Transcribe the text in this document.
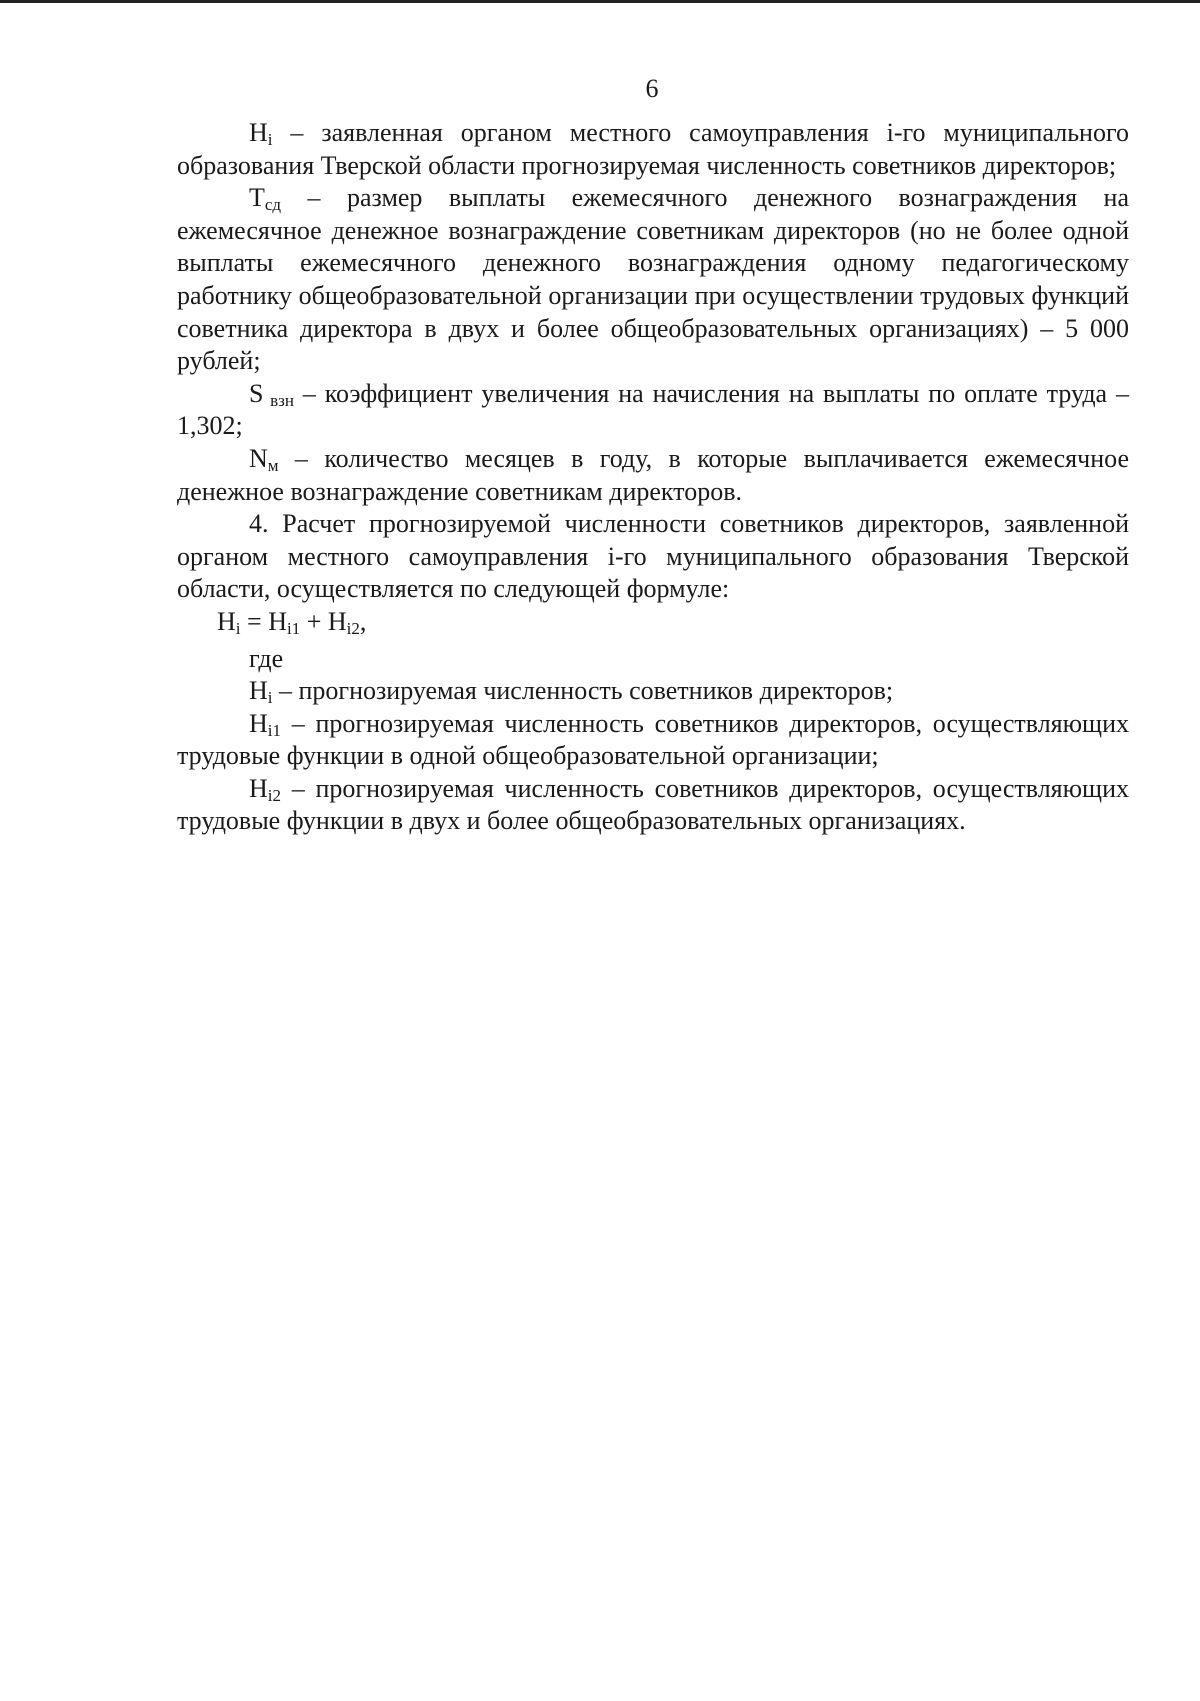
6

$Н_i$ – заявленная органом местного самоуправления i-го муниципального образования Тверской области прогнозируемая численность советников директоров;

$Т_{сд}$ – размер выплаты ежемесячного денежного вознаграждения на ежемесячное денежное вознаграждение советникам директоров (но не более одной выплаты ежемесячного денежного вознаграждения одному педагогическому работнику общеобразовательной организации при осуществлении трудовых функций советника директора в двух и более общеобразовательных организациях) – 5 000 рублей;

S $_{взн}$ – коэффициент увеличения на начисления на выплаты по оплате труда – 1,302;

$N_м$ – количество месяцев в году, в которые выплачивается ежемесячное денежное вознаграждение советникам директоров.

4. Расчет прогнозируемой численности советников директоров, заявленной органом местного самоуправления i-го муниципального образования Тверской области, осуществляется по следующей формуле:

$Н_i = Н_{i1} + Н_{i2}$,

где

$Н_i$ – прогнозируемая численность советников директоров;

$Н_{i1}$ – прогнозируемая численность советников директоров, осуществляющих трудовые функции в одной общеобразовательной организации;

$Н_{i2}$ – прогнозируемая численность советников директоров, осуществляющих трудовые функции в двух и более общеобразовательных организациях.
